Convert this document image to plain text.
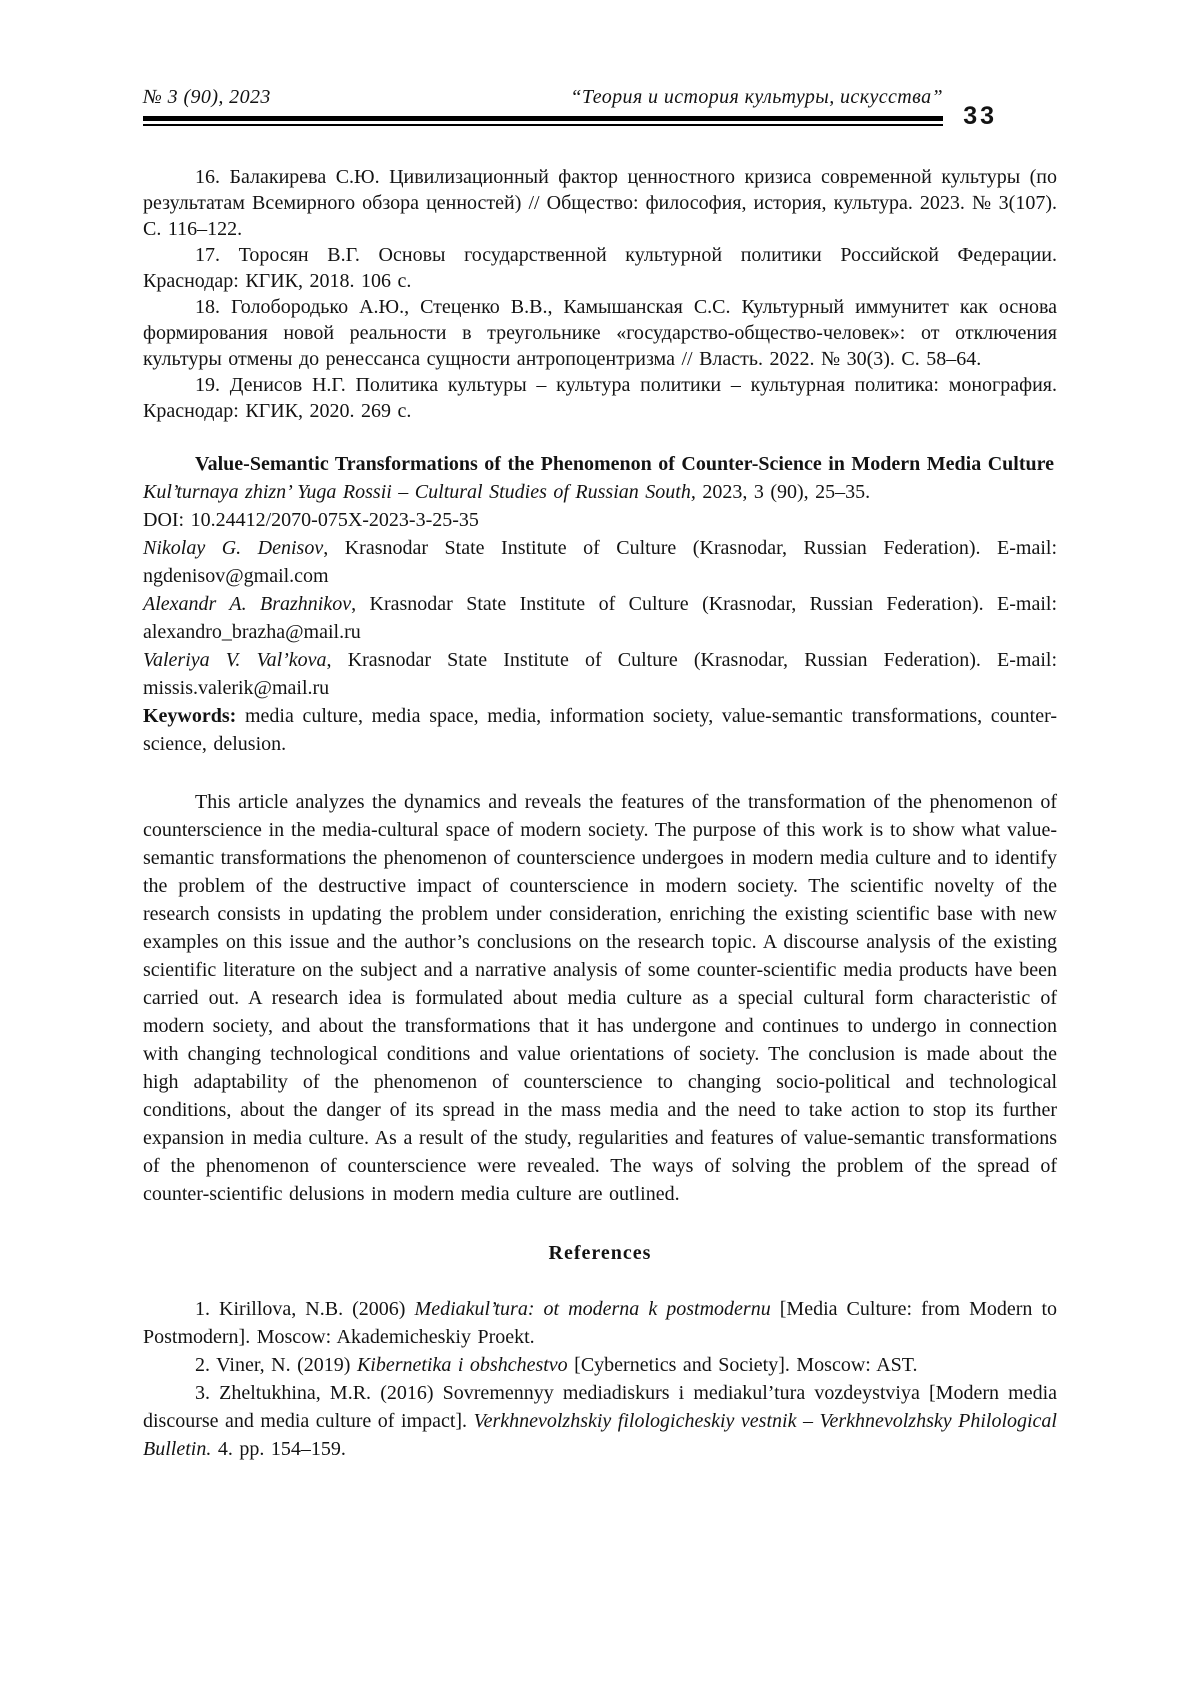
№ 3 (90), 2023	“Теория и история культуры, искусства”
33

16. Балакирева С.Ю. Цивилизационный фактор ценностного кризиса современной культуры (по результатам Всемирного обзора ценностей) // Общество: философия, история, культура. 2023. № 3(107). С. 116–122.

17. Торосян В.Г. Основы государственной культурной политики Российской Федерации. Краснодар: КГИК, 2018. 106 с.

18. Голобородько А.Ю., Стеценко В.В., Камышанская С.С. Культурный иммунитет как основа формирования новой реальности в треугольнике «государство-общество-человек»: от отключения культуры отмены до ренессанса сущности антропоцентризма // Власть. 2022. № 30(3). С. 58–64.

19. Денисов Н.Г. Политика культуры – культура политики – культурная политика: монография. Краснодар: КГИК, 2020. 269 с.

Value-Semantic Transformations of the Phenomenon of Counter-Science in Modern Media Culture

Kul’turnaya zhizn’ Yuga Rossii – Cultural Studies of Russian South, 2023, 3 (90), 25–35.

DOI: 10.24412/2070-075X-2023-3-25-35

Nikolay G. Denisov, Krasnodar State Institute of Culture (Krasnodar, Russian Federation). E-mail: ngdenisov@gmail.com

Alexandr A. Brazhnikov, Krasnodar State Institute of Culture (Krasnodar, Russian Federation). E-mail: alexandro_brazha@mail.ru

Valeriya V. Val’kova, Krasnodar State Institute of Culture (Krasnodar, Russian Federation). E-mail: missis.valerik@mail.ru

Keywords: media culture, media space, media, information society, value-semantic transformations, counter-science, delusion.

This article analyzes the dynamics and reveals the features of the transformation of the phenomenon of counterscience in the media-cultural space of modern society. The purpose of this work is to show what value-semantic transformations the phenomenon of counterscience undergoes in modern media culture and to identify the problem of the destructive impact of counterscience in modern society. The scientific novelty of the research consists in updating the problem under consideration, enriching the existing scientific base with new examples on this issue and the author’s conclusions on the research topic. A discourse analysis of the existing scientific literature on the subject and a narrative analysis of some counter-scientific media products have been carried out. A research idea is formulated about media culture as a special cultural form characteristic of modern society, and about the transformations that it has undergone and continues to undergo in connection with changing technological conditions and value orientations of society. The conclusion is made about the high adaptability of the phenomenon of counterscience to changing socio-political and technological conditions, about the danger of its spread in the mass media and the need to take action to stop its further expansion in media culture. As a result of the study, regularities and features of value-semantic transformations of the phenomenon of counterscience were revealed. The ways of solving the problem of the spread of counter-scientific delusions in modern media culture are outlined.

References

1. Kirillova, N.B. (2006) Mediakul’tura: ot moderna k postmodernu [Media Culture: from Modern to Postmodern]. Moscow: Akademicheskiy Proekt.

2. Viner, N. (2019) Kibernetika i obshchestvo [Cybernetics and Society]. Moscow: AST.

3. Zheltukhina, M.R. (2016) Sovremennyy mediadiskurs i mediakul’tura vozdeystviya [Modern media discourse and media culture of impact]. Verkhnevolzhskiy filologicheskiy vestnik – Verkhnevolzhsky Philological Bulletin. 4. pp. 154–159.
